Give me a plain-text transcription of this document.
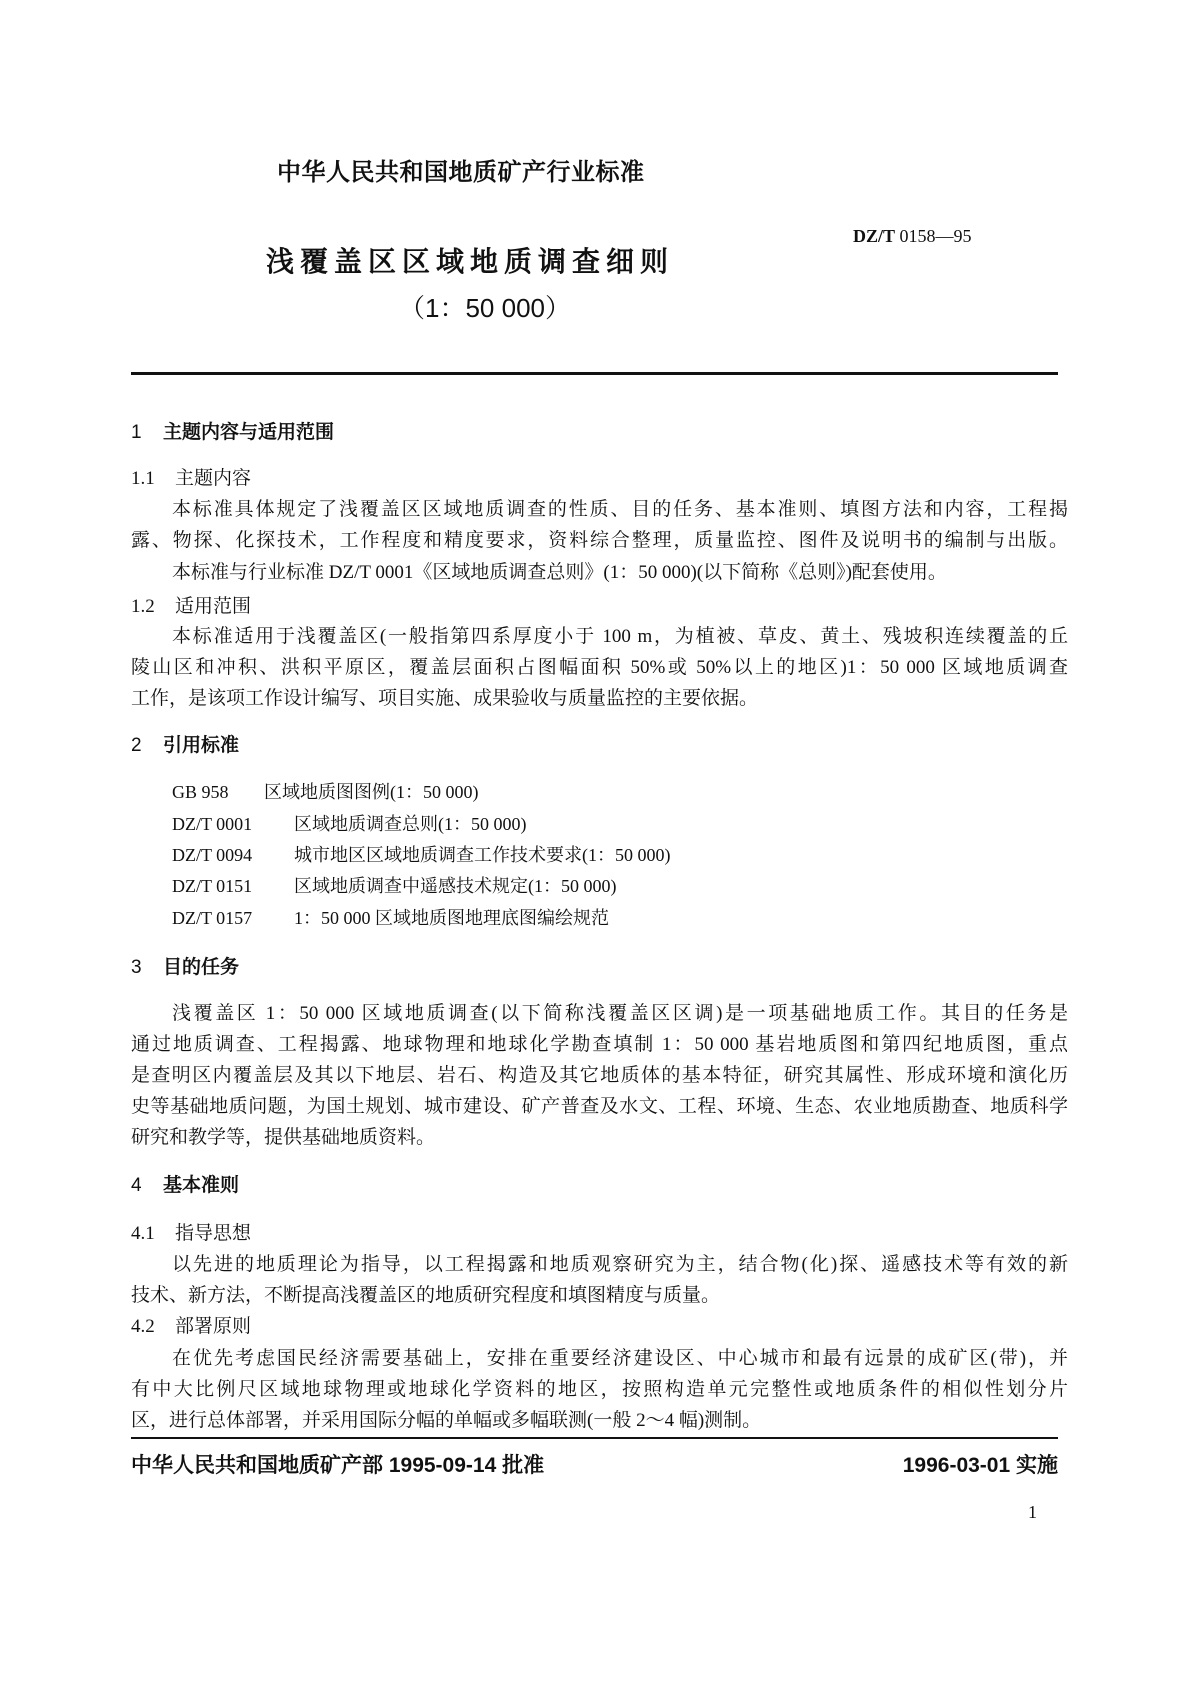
中华人民共和国地质矿产行业标准
DZ/T 0158—95
浅覆盖区区域地质调查细则
（1：50 000）
1 主题内容与适用范围
1.1 主题内容
本标准具体规定了浅覆盖区区域地质调查的性质、目的任务、基本准则、填图方法和内容，工程揭
露、物探、化探技术，工作程度和精度要求，资料综合整理，质量监控、图件及说明书的编制与出版。
本标准与行业标准 DZ/T 0001《区域地质调查总则》(1：50 000)(以下简称《总则》)配套使用。
1.2 适用范围
本标准适用于浅覆盖区(一般指第四系厚度小于 100 m，为植被、草皮、黄土、残坡积连续覆盖的丘
陵山区和冲积、洪积平原区，覆盖层面积占图幅面积 50%或 50%以上的地区)1：50 000 区域地质调查
工作，是该项工作设计编写、项目实施、成果验收与质量监控的主要依据。
2 引用标准
GB 958 区域地质图图例(1：50 000)
DZ/T 0001 区域地质调查总则(1：50 000)
DZ/T 0094 城市地区区域地质调查工作技术要求(1：50 000)
DZ/T 0151 区域地质调查中遥感技术规定(1：50 000)
DZ/T 0157 1：50 000 区域地质图地理底图编绘规范
3 目的任务
浅覆盖区 1：50 000 区域地质调查(以下简称浅覆盖区区调)是一项基础地质工作。其目的任务是
通过地质调查、工程揭露、地球物理和地球化学勘查填制 1：50 000 基岩地质图和第四纪地质图，重点
是查明区内覆盖层及其以下地层、岩石、构造及其它地质体的基本特征，研究其属性、形成环境和演化历
史等基础地质问题，为国土规划、城市建设、矿产普查及水文、工程、环境、生态、农业地质勘查、地质科学
研究和教学等，提供基础地质资料。
4 基本准则
4.1 指导思想
以先进的地质理论为指导，以工程揭露和地质观察研究为主，结合物(化)探、遥感技术等有效的新
技术、新方法，不断提高浅覆盖区的地质研究程度和填图精度与质量。
4.2 部署原则
在优先考虑国民经济需要基础上，安排在重要经济建设区、中心城市和最有远景的成矿区(带)，并
有中大比例尺区域地球物理或地球化学资料的地区，按照构造单元完整性或地质条件的相似性划分片
区，进行总体部署，并采用国际分幅的单幅或多幅联测(一般 2～4 幅)测制。
中华人民共和国地质矿产部 1995-09-14 批准	1996-03-01 实施
1
